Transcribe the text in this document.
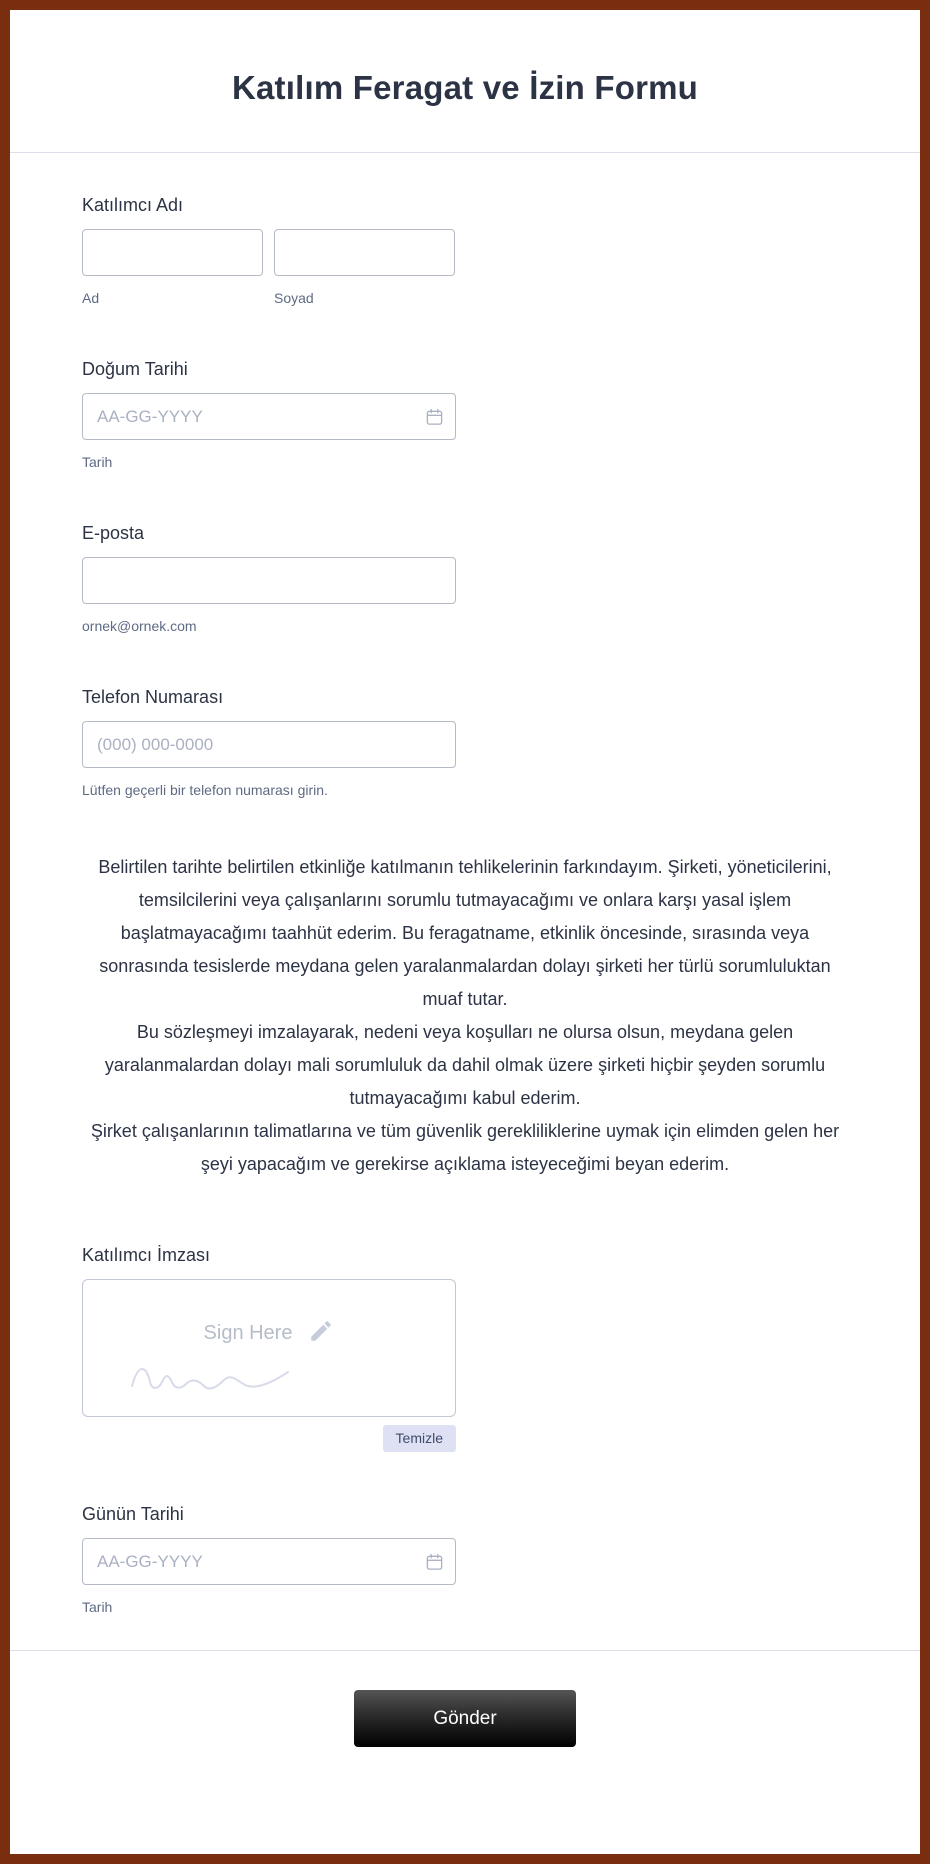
Katılım Feragat ve İzin Formu
Katılımcı Adı
Ad	Soyad
Doğum Tarihi
AA-GG-YYYY
Tarih
E-posta
ornek@ornek.com
Telefon Numarası
(000) 000-0000
Lütfen geçerli bir telefon numarası girin.

Belirtilen tarihte belirtilen etkinliğe katılmanın tehlikelerinin farkındayım. Şirketi, yöneticilerini, temsilcilerini veya çalışanlarını sorumlu tutmayacağımı ve onlara karşı yasal işlem başlatmayacağımı taahhüt ederim. Bu feragatname, etkinlik öncesinde, sırasında veya sonrasında tesislerde meydana gelen yaralanmalardan dolayı şirketi her türlü sorumluluktan muaf tutar.

Bu sözleşmeyi imzalayarak, nedeni veya koşulları ne olursa olsun, meydana gelen yaralanmalardan dolayı mali sorumluluk da dahil olmak üzere şirketi hiçbir şeyden sorumlu tutmayacağımı kabul ederim.

Şirket çalışanlarının talimatlarına ve tüm güvenlik gerekliliklerine uymak için elimden gelen her şeyi yapacağım ve gerekirse açıklama isteyeceğimi beyan ederim.

Katılımcı İmzası
Sign Here
Temizle
Günün Tarihi
AA-GG-YYYY
Tarih
Gönder
